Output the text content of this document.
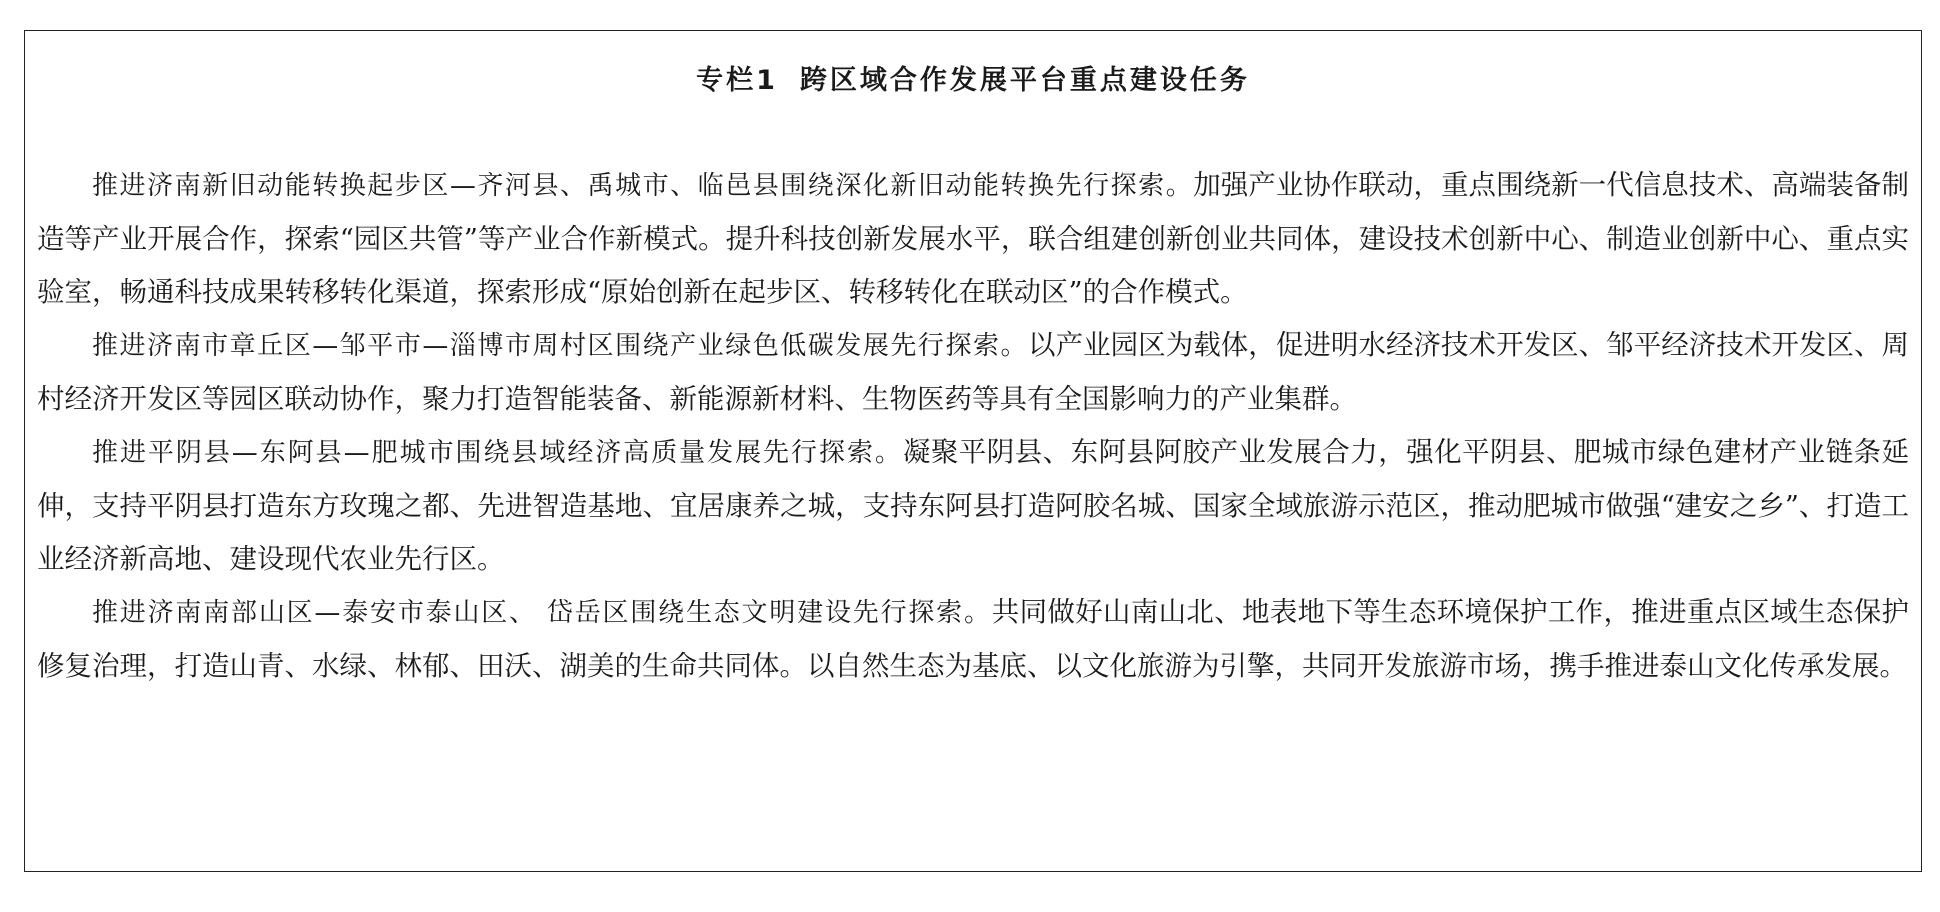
专栏1 跨区域合作发展平台重点建设任务

推进济南新旧动能转换起步区—齐河县、禹城市、临邑县围绕深化新旧动能转换先行探索。加强产业协作联动，重点围绕新一代信息技术、高端装备制造等产业开展合作，探索“园区共管”等产业合作新模式。提升科技创新发展水平，联合组建创新创业共同体，建设技术创新中心、制造业创新中心、重点实验室，畅通科技成果转移转化渠道，探索形成“原始创新在起步区、转移转化在联动区”的合作模式。

推进济南市章丘区—邹平市—淄博市周村区围绕产业绿色低碳发展先行探索。以产业园区为载体，促进明水经济技术开发区、邹平经济技术开发区、周村经济开发区等园区联动协作，聚力打造智能装备、新能源新材料、生物医药等具有全国影响力的产业集群。

推进平阴县—东阿县—肥城市围绕县域经济高质量发展先行探索。凝聚平阴县、东阿县阿胶产业发展合力，强化平阴县、肥城市绿色建材产业链条延伸，支持平阴县打造东方玫瑰之都、先进智造基地、宜居康养之城，支持东阿县打造阿胶名城、国家全域旅游示范区，推动肥城市做强“建安之乡”、打造工业经济新高地、建设现代农业先行区。

推进济南南部山区—泰安市泰山区、 岱岳区围绕生态文明建设先行探索。共同做好山南山北、地表地下等生态环境保护工作，推进重点区域生态保护修复治理，打造山青、水绿、林郁、田沃、湖美的生命共同体。以自然生态为基底、以文化旅游为引擎，共同开发旅游市场，携手推进泰山文化传承发展。
